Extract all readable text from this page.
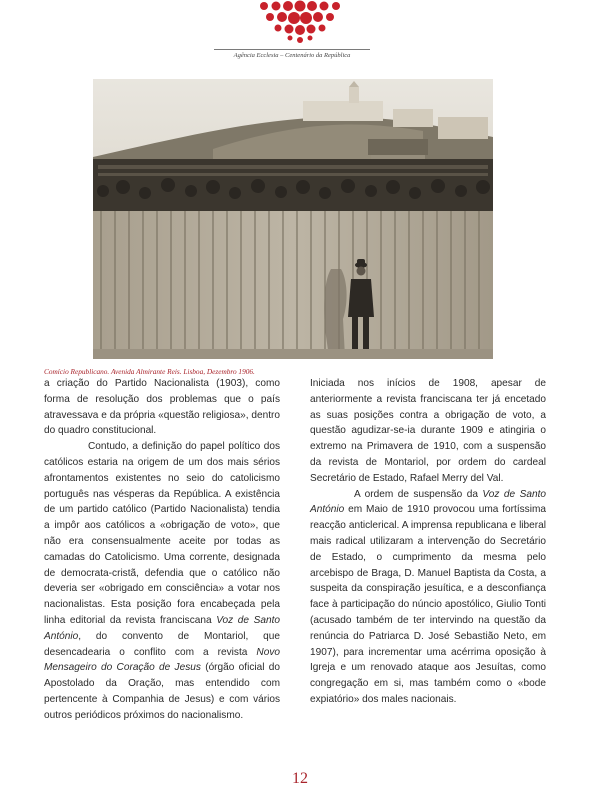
Agência Ecclesia – Centenário da República
Comício Republicano. Avenida Almirante Reis. Lisboa, Dezembro 1906.

a criação do Partido Nacionalista (1903), como forma de resolução dos problemas que o país atravessava e da própria «questão religiosa», dentro do quadro constitucional.

Contudo, a definição do papel político dos católicos estaria na origem de um dos mais sérios afrontamentos existentes no seio do catolicismo português nas vésperas da República. A existência de um partido católico (Partido Nacionalista) tendia a impôr aos católicos a «obrigação de voto», que não era consensualmente aceite por todas as camadas do Catolicismo. Uma corrente, designada de democrata-cristã, defendia que o católico não deveria ser «obrigado em consciência» a votar nos nacionalistas. Esta posição fora encabeçada pela linha editorial da revista franciscana Voz de Santo António, do convento de Montariol, que desencadearia o conflito com a revista Novo Mensageiro do Coração de Jesus (órgão oficial do Apostolado da Oração, mas entendido com pertencente à Companhia de Jesus) e com vários outros periódicos próximos do nacionalismo.

Iniciada nos inícios de 1908, apesar de anteriormente a revista franciscana ter já encetado as suas posições contra a obrigação de voto, a questão agudizar-se-ia durante 1909 e atingiria o extremo na Primavera de 1910, com a suspensão da revista de Montariol, por ordem do cardeal Secretário de Estado, Rafael Merry del Val.

A ordem de suspensão da Voz de Santo António em Maio de 1910 provocou uma fortíssima reacção anticlerical. A imprensa republicana e liberal mais radical utilizaram a intervenção do Secretário de Estado, o cumprimento da mesma pelo arcebispo de Braga, D. Manuel Baptista da Costa, a suspeita da conspiração jesuítica, e a desconfiança face à participação do núncio apostólico, Giulio Tonti (acusado também de ter intervindo na questão da renúncia do Patriarca D. José Sebastião Neto, em 1907), para incrementar uma acérrima oposição à Igreja e um renovado ataque aos Jesuítas, como congregação em si, mas também como o «bode expiatório» dos males nacionais.

12
